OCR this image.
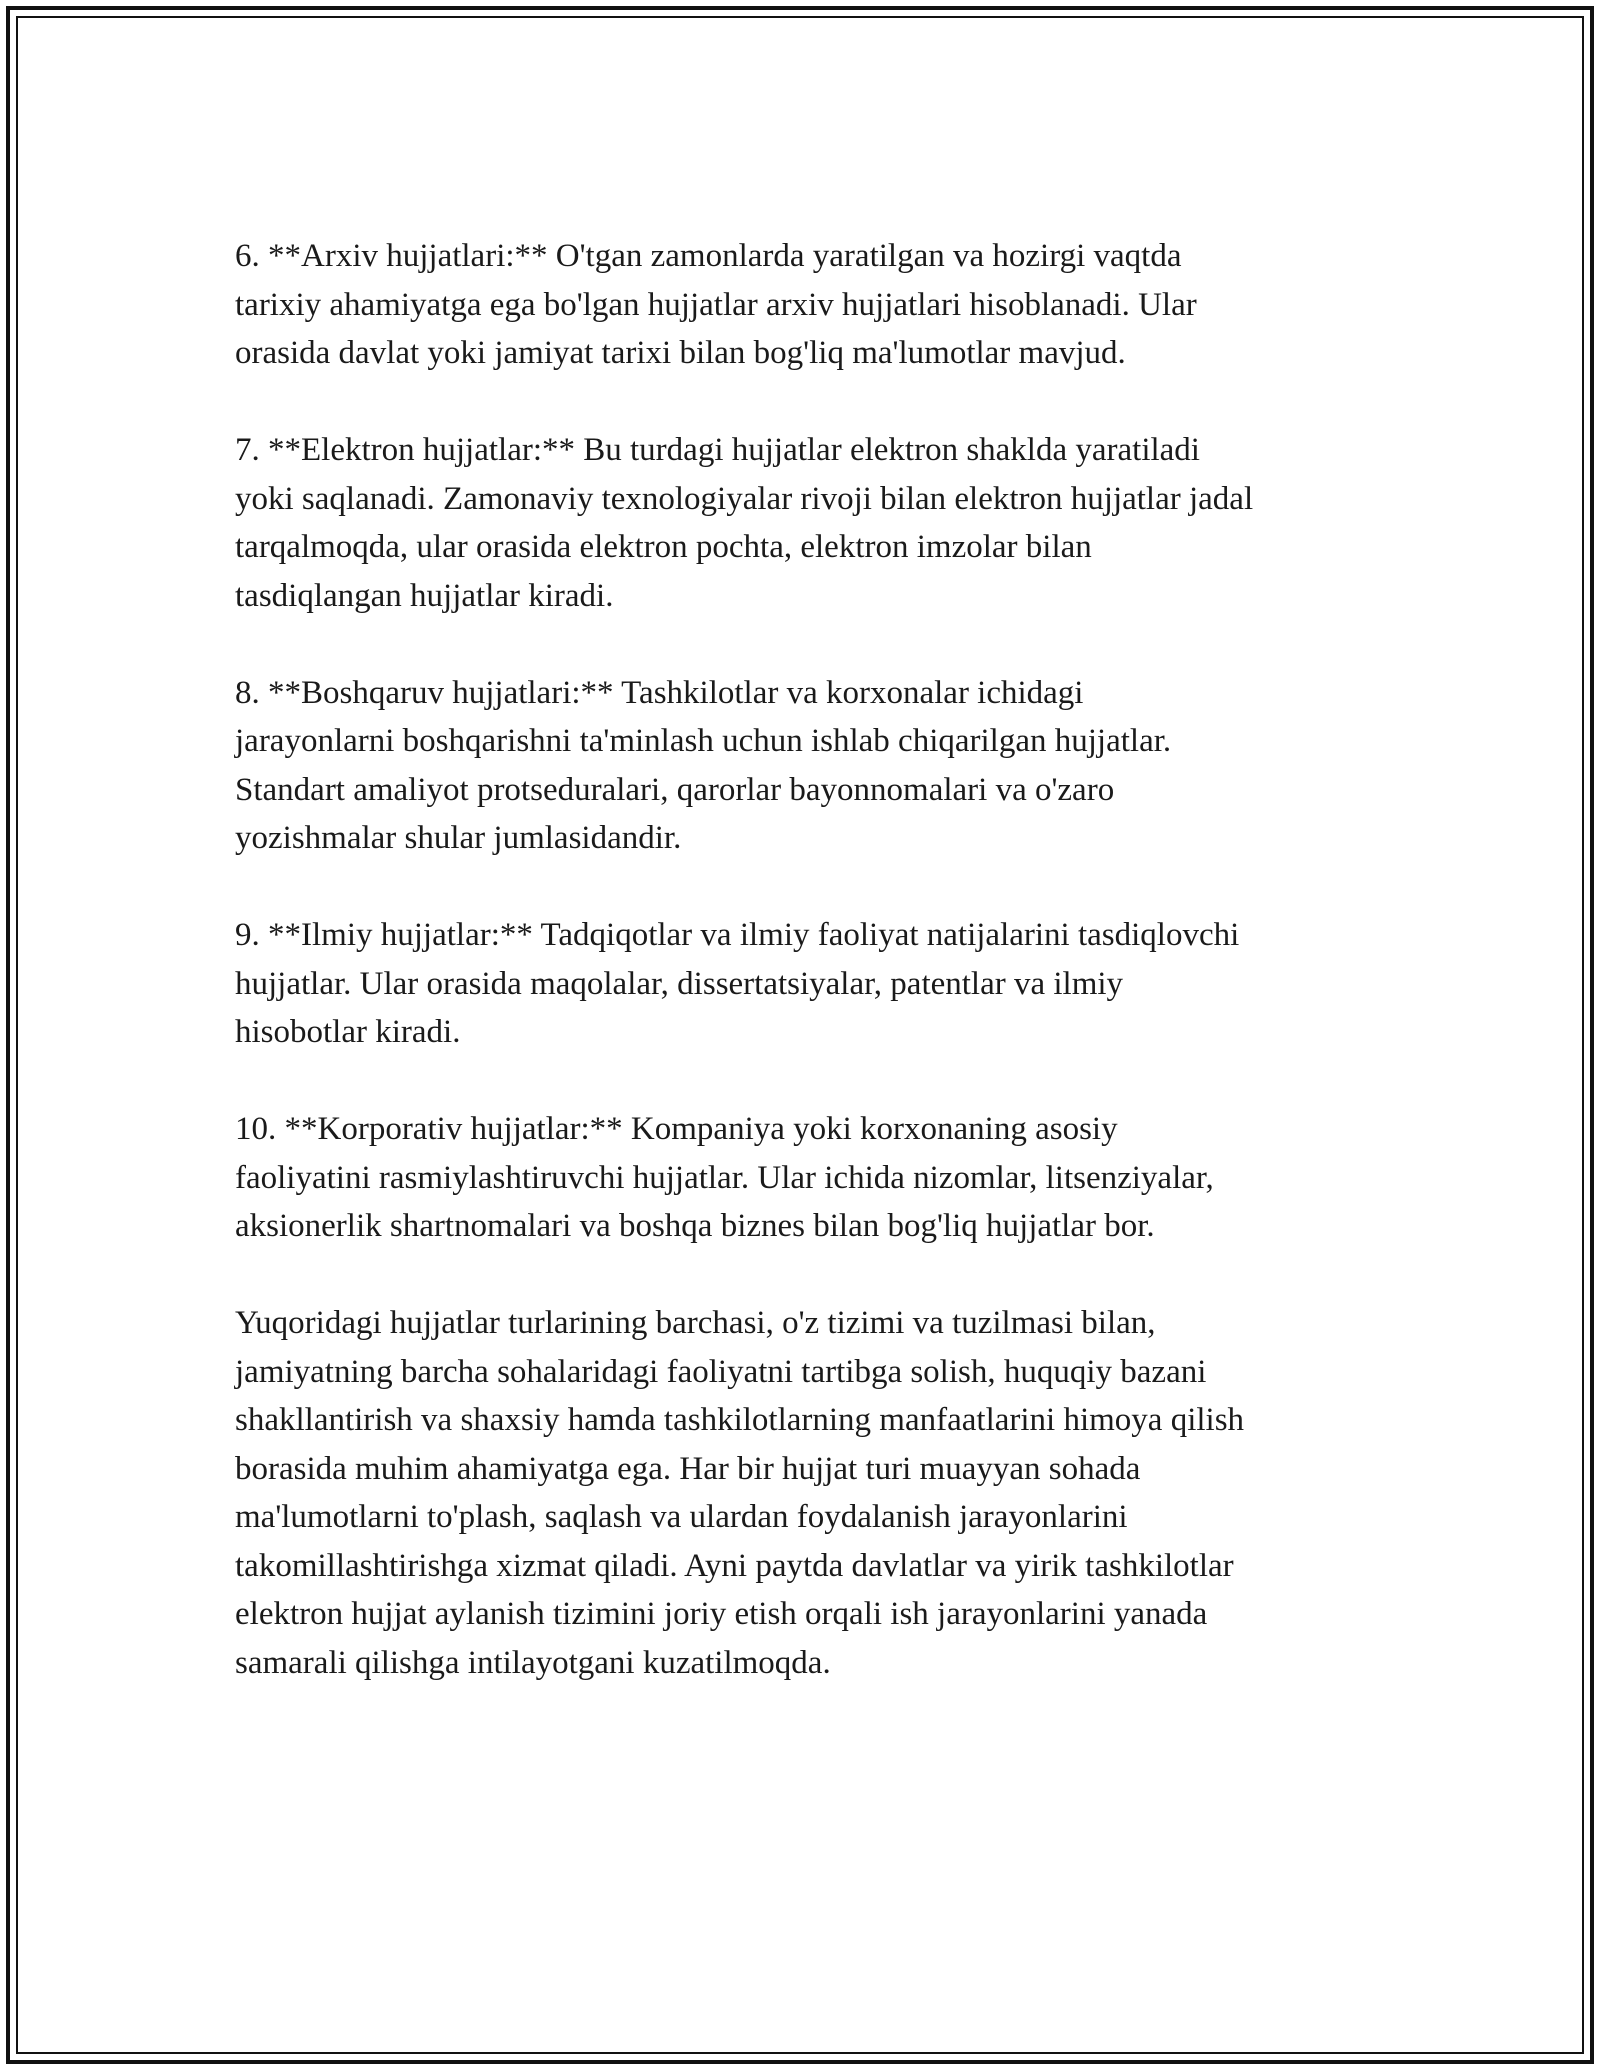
6. **Arxiv hujjatlari:** O'tgan zamonlarda yaratilgan va hozirgi vaqtda
tarixiy ahamiyatga ega bo'lgan hujjatlar arxiv hujjatlari hisoblanadi. Ular
orasida davlat yoki jamiyat tarixi bilan bog'liq ma'lumotlar mavjud.

7. **Elektron hujjatlar:** Bu turdagi hujjatlar elektron shaklda yaratiladi
yoki saqlanadi. Zamonaviy texnologiyalar rivoji bilan elektron hujjatlar jadal
tarqalmoqda, ular orasida elektron pochta, elektron imzolar bilan
tasdiqlangan hujjatlar kiradi.

8. **Boshqaruv hujjatlari:** Tashkilotlar va korxonalar ichidagi
jarayonlarni boshqarishni ta'minlash uchun ishlab chiqarilgan hujjatlar.
Standart amaliyot protseduralari, qarorlar bayonnomalari va o'zaro
yozishmalar shular jumlasidandir.

9. **Ilmiy hujjatlar:** Tadqiqotlar va ilmiy faoliyat natijalarini tasdiqlovchi
hujjatlar. Ular orasida maqolalar, dissertatsiyalar, patentlar va ilmiy
hisobotlar kiradi.

10. **Korporativ hujjatlar:** Kompaniya yoki korxonaning asosiy
faoliyatini rasmiylashtiruvchi hujjatlar. Ular ichida nizomlar, litsenziyalar,
aksionerlik shartnomalari va boshqa biznes bilan bog'liq hujjatlar bor.

Yuqoridagi hujjatlar turlarining barchasi, o'z tizimi va tuzilmasi bilan,
jamiyatning barcha sohalaridagi faoliyatni tartibga solish, huquqiy bazani
shakllantirish va shaxsiy hamda tashkilotlarning manfaatlarini himoya qilish
borasida muhim ahamiyatga ega. Har bir hujjat turi muayyan sohada
ma'lumotlarni to'plash, saqlash va ulardan foydalanish jarayonlarini
takomillashtirishga xizmat qiladi. Ayni paytda davlatlar va yirik tashkilotlar
elektron hujjat aylanish tizimini joriy etish orqali ish jarayonlarini yanada
samarali qilishga intilayotgani kuzatilmoqda.
